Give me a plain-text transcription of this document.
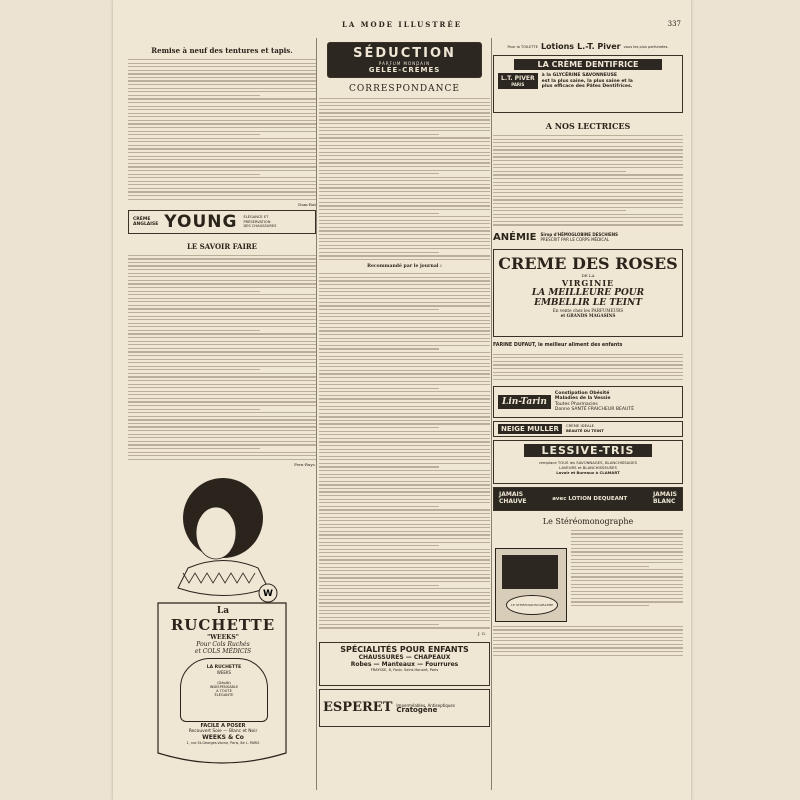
LA MODE ILLUSTRÉE	337
Remise à neuf des tentures et tapis.
Dam-Rat
CRÈME
ANGLAISE YOUNG ÉLÉGANCE ET
PRÉSERVATION
DES CHAUSSURES
LE SAVOIR FAIRE
Fern-Ruys.
W
La
RUCHETTE
"WEEKS"
Pour Cols Ruchés
et COLS MÉDICIS
LA RUCHETTE
WEEKS
(Dépôt)
INDISPENSABLE
A TOUTE
ÉLÉGANTE
FACILE A POSER
Recouvert Soie — Blanc et Noir
WEEKS & Co
1, rue St-Georges-Vanne, Paris, 8e L. PARIS
SÉDUCTION
PARFUM MONDAIN
GELÉE-CRÈMES
CORRESPONDANCE
Recommandé par le journal :
J. G.
SPÉCIALITÉS POUR ENFANTS
CHAUSSURES — CHAPEAUX
Robes — Manteaux — Fourrures
FRAYSSE, 8, Faub. Saint-Honoré, Paris
ESPERET Imperméables, Antiseptiques
Cratogène
Pour la TOILETTE Lotions L.-T. Piver vous les plus parfumées.
LA CRÈME DENTIFRICE
L.T. PIVER
PARIS
à la GLYCÉRINE SAVONNEUSE
est la plus saine, la plus saine et la
plus efficace des Pâtes Dentifrices.
A NOS LECTRICES
ANÉMIE Sirop d'HÉMOGLOBINE DESCHIENS
PRESCRIT PAR LE CORPS MÉDICAL
CREME DES ROSES
DE LA
VIRGINIE
LA MEILLEURE POUR
EMBELLIR LE TEINT
En vente chez les PARFUMEURS
et GRANDS MAGASINS
FARINE DUFAUT, le meilleur aliment des enfants
Lin-Tarin
Constipation Obésité
Maladies de la Vessie
Toutes Pharmacies
Donne SANTÉ FRAICHEUR BEAUTÉ
NEIGE MULLER	CRÈME IDÉALE
BEAUTÉ DU TEINT
LESSIVE-TRIS
remplace TOUS les SAVONNAGES, BLANCHISSAGES
LAVEURS et BLANCHISSEUSES
Lavoir et Bureaux à CLAMART
JAMAIS
CHAUVE	avec LOTION DEQUEANT
JAMAIS
BLANC
Le Stéréomonographe
LE STÉRÉOMONOGRAPHE
